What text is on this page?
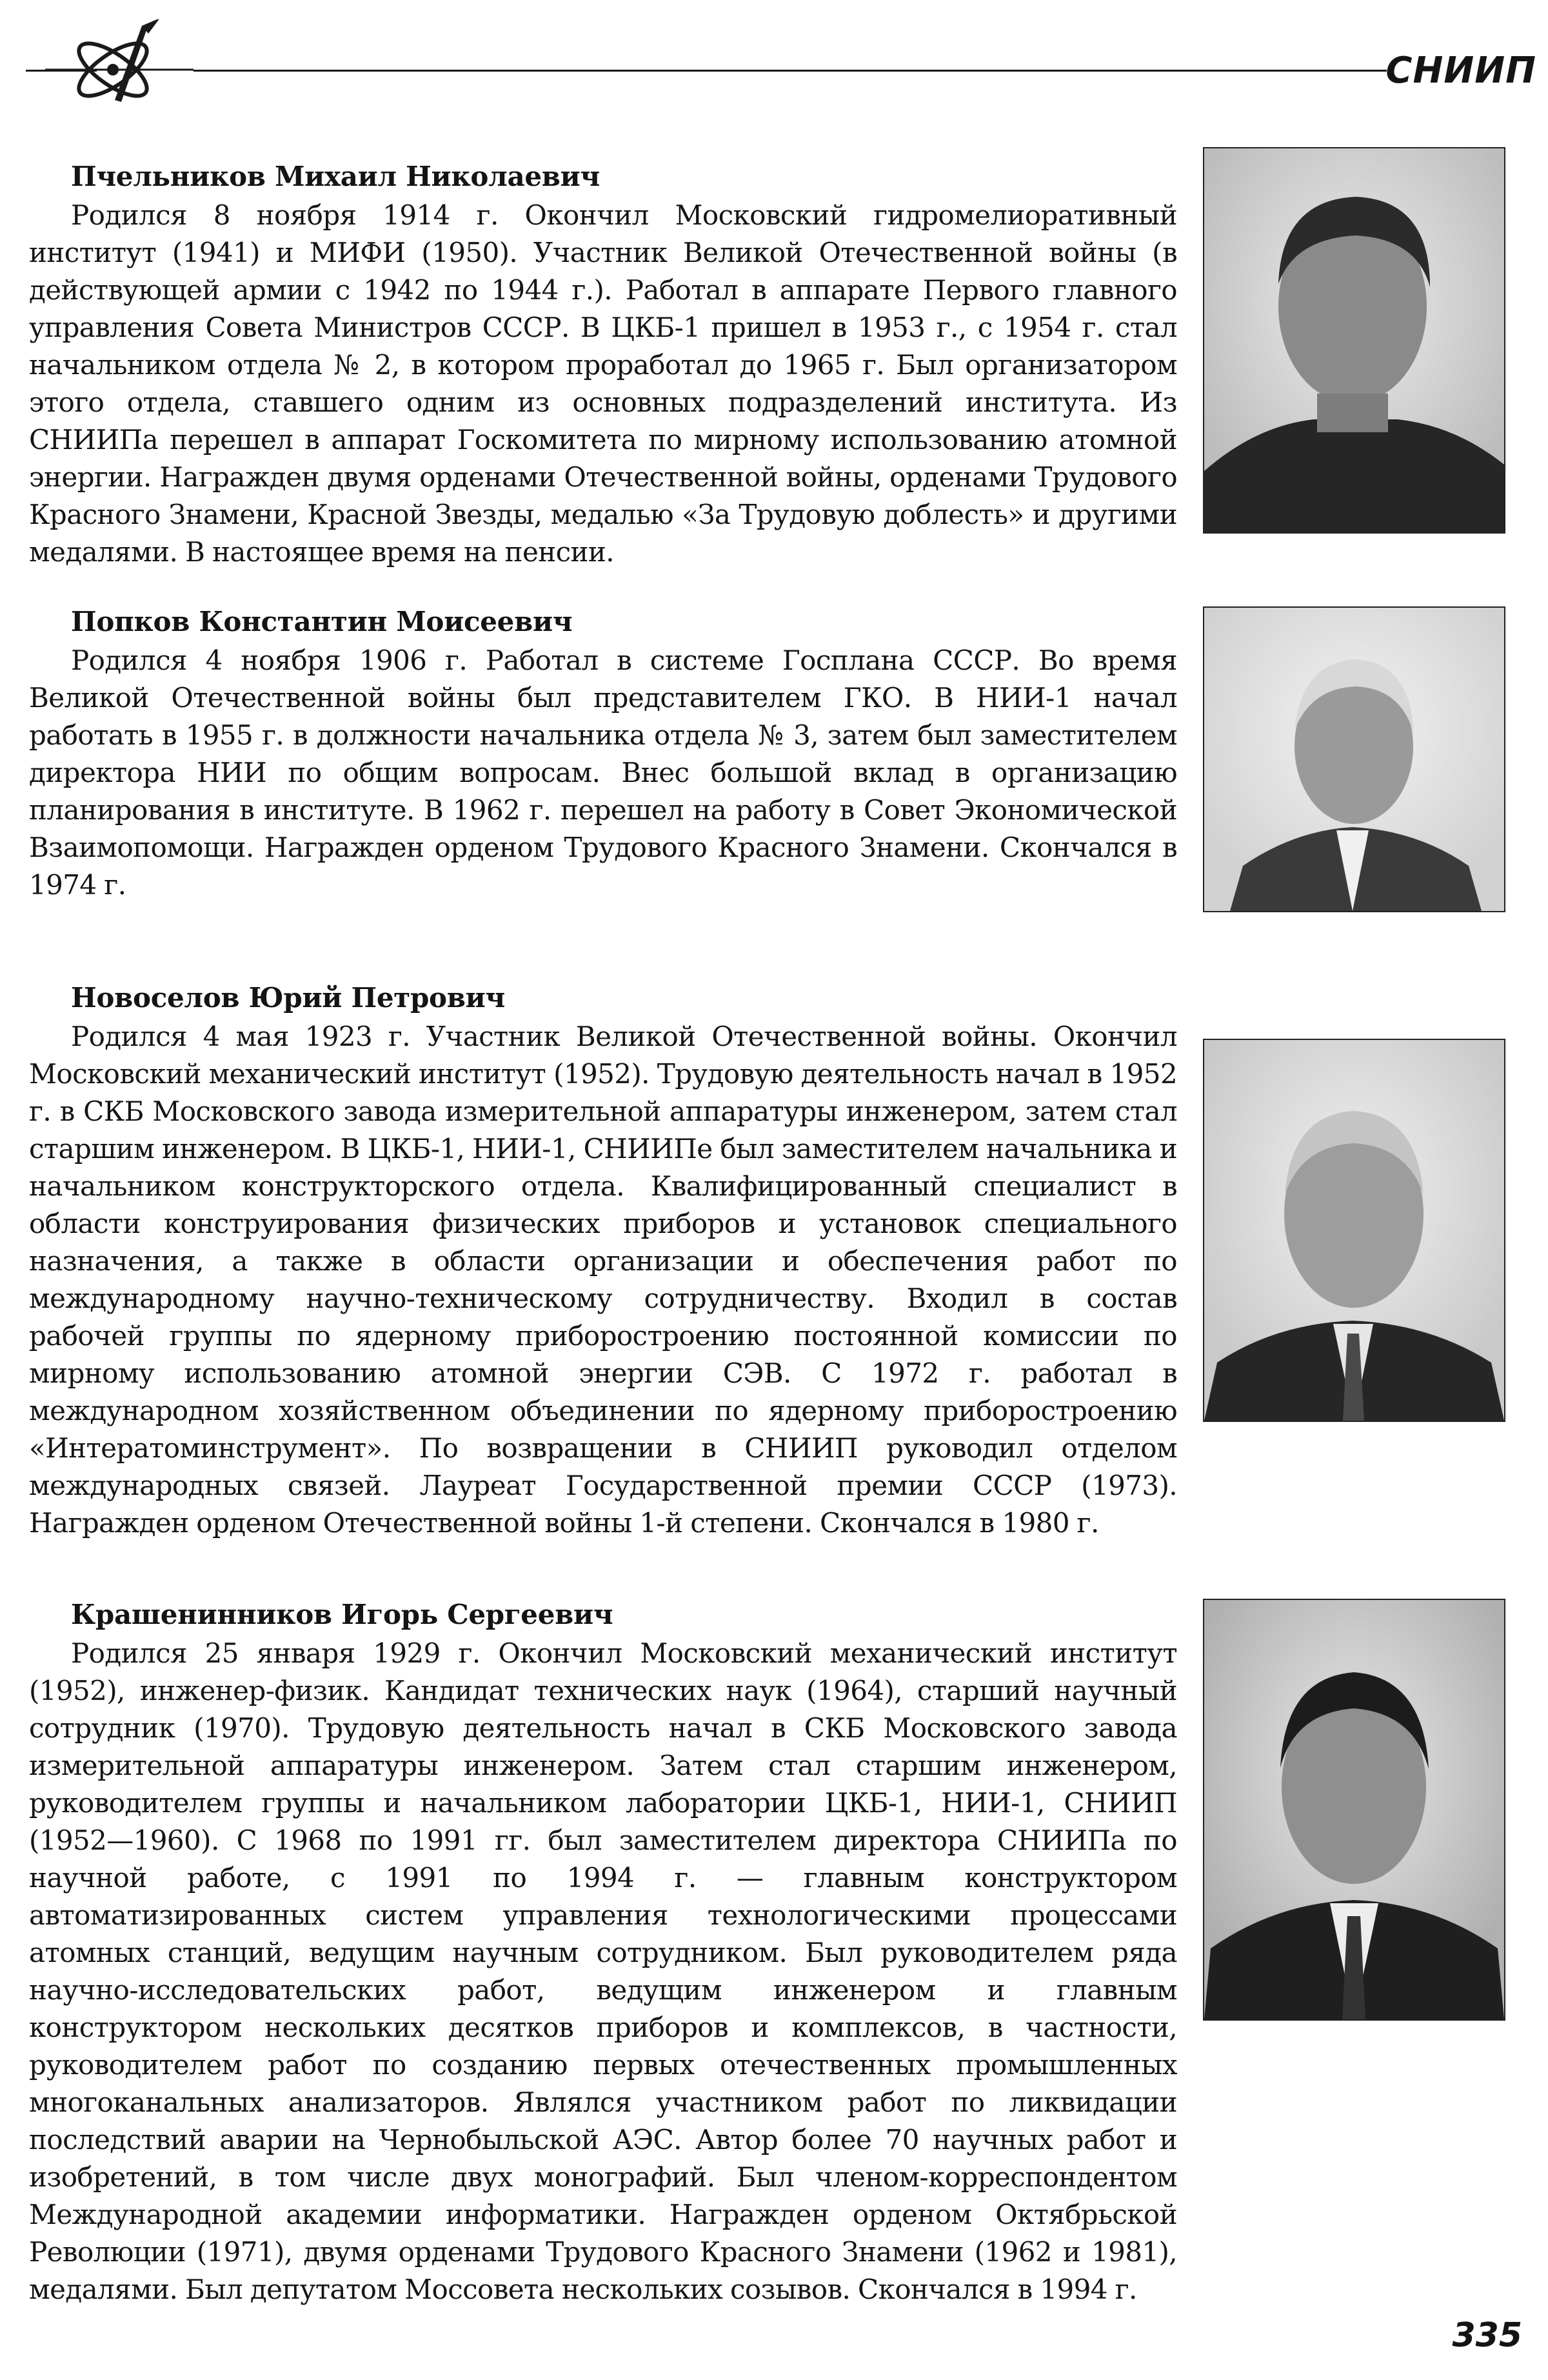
СНИИП
Пчельников Михаил Николаевич

Родился 8 ноября 1914 г. Окончил Московский гидромелиоративный институт (1941) и МИФИ (1950). Участник Великой Отечественной войны (в действующей армии с 1942 по 1944 г.). Работал в аппарате Первого главного управления Совета Министров СССР. В ЦКБ-1 пришел в 1953 г., с 1954 г. стал начальником отдела № 2, в котором проработал до 1965 г. Был организатором этого отдела, ставшего одним из основных подразделений института. Из СНИИПа перешел в аппарат Госкомитета по мирному использованию атомной энергии. Награжден двумя орденами Отечественной войны, орденами Трудового Красного Знамени, Красной Звезды, медалью «За Трудовую доблесть» и другими медалями. В настоящее время на пенсии.

Попков Константин Моисеевич

Родился 4 ноября 1906 г. Работал в системе Госплана СССР. Во время Великой Отечественной войны был представителем ГКО. В НИИ-1 начал работать в 1955 г. в должности начальника отдела № 3, затем был заместителем директора НИИ по общим вопросам. Внес большой вклад в организацию планирования в институте. В 1962 г. перешел на работу в Совет Экономической Взаимопомощи. Награжден орденом Трудового Красного Знамени. Скончался в 1974 г.

Новоселов Юрий Петрович

Родился 4 мая 1923 г. Участник Великой Отечественной войны. Окончил Московский механический институт (1952). Трудовую деятельность начал в 1952 г. в СКБ Московского завода измерительной аппаратуры инженером, затем стал старшим инженером. В ЦКБ-1, НИИ-1, СНИИПе был заместителем начальника и начальником конструкторского отдела. Квалифицированный специалист в области конструирования физических приборов и установок специального назначения, а также в области организации и обеспечения работ по международному научно-техническому сотрудничеству. Входил в состав рабочей группы по ядерному приборостроению постоянной комиссии по мирному использованию атомной энергии СЭВ. С 1972 г. работал в международном хозяйственном объединении по ядерному приборостроению «Интератоминструмент». По возвращении в СНИИП руководил отделом международных связей. Лауреат Государственной премии СССР (1973). Награжден орденом Отечественной войны 1-й степени. Скончался в 1980 г.

Крашенинников Игорь Сергеевич

Родился 25 января 1929 г. Окончил Московский механический институт (1952), инженер-физик. Кандидат технических наук (1964), старший научный сотрудник (1970). Трудовую деятельность начал в СКБ Московского завода измерительной аппаратуры инженером. Затем стал старшим инженером, руководителем группы и начальником лаборатории ЦКБ-1, НИИ-1, СНИИП (1952—1960). С 1968 по 1991 гг. был заместителем директора СНИИПа по научной работе, с 1991 по 1994 г. — главным конструктором автоматизированных систем управления технологическими процессами атомных станций, ведущим научным сотрудником. Был руководителем ряда научно-исследовательских работ, ведущим инженером и главным конструктором нескольких десятков приборов и комплексов, в частности, руководителем работ по созданию первых отечественных промышленных многоканальных анализаторов. Являлся участником работ по ликвидации последствий аварии на Чернобыльской АЭС. Автор более 70 научных работ и изобретений, в том числе двух монографий. Был членом-корреспондентом Международной академии информатики. Награжден орденом Октябрьской Революции (1971), двумя орденами Трудового Красного Знамени (1962 и 1981), медалями. Был депутатом Моссовета нескольких созывов. Скончался в 1994 г.

335
